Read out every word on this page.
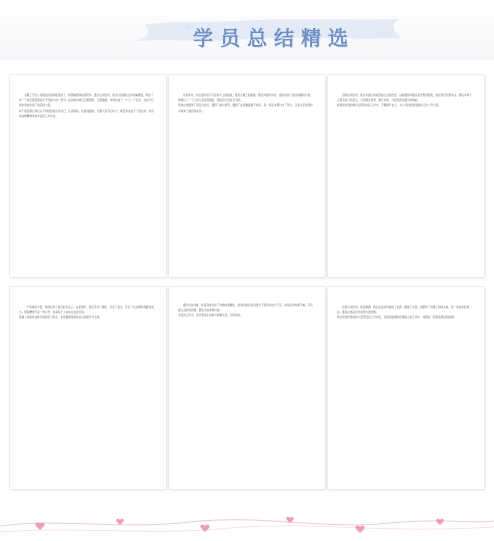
学员总结精选
为期三天的公司团队拓展训练结束了，我感触很深收获很多。通过这次培训，我认识到团队合作的重要性，明白了每一个成员都是团队中不可缺少的一部分。在训练中我们互相帮助，互相鼓励，共同完成了一个又一个任务，在这个过程中我体会到了信任的力量。
每个项目都让我们从不同的角度认识自己，认识团队。在挑战面前，只要大家齐心协力，就没有完成不了的任务。我会把这种精神带到今后的工作中去。
在培训中，我们面对的不只是体力上的挑战，更是心理上的挑战。通过沟通与协作，团队找到了最佳的解决方案。我明白了一个人的力量是有限的，团队的力量是无穷的。
培训让我懂得了责任与担当，懂得了换位思考，懂得了在困难面前不放弃。每一位队友都付出了努力，正是大家的坚持才换来了最后的成功。
回顾这次培训，我认为最大的收获是心态的改变。以前遇到问题总是先想到困难，现在我会先想办法。团队中每个人都有自己的优点，只有相互欣赏、取长补短，才能发挥出最大的效能。
我将把学到的知识运用到实际工作中，不断提升自己，为公司的发展贡献自己的一份力量。
一个集体的力量，体现在每个成员的付出上。在拓展中，我们学会了倾听，学会了表达，学会了在关键时刻挺身而出。团队精神不是一句口号，而是每个人实实在在的行动。
感谢公司提供这样宝贵的学习机会，也感谢教练和队友们的陪伴与支持。
通过这次训练，我深刻体会到了沟通的重要性。很多时候任务失败并不是因为能力不足，而是因为沟通不畅。只有建立良好的沟通，团队才能高效运转。
今后的工作中，我会更加主动地与同事交流，共同进步。
总结这次培训，收获满满。我们在活动中挑战了自我，超越了自我，也增进了同事之间的友谊。每一次成功的背后，都是全体队员共同努力的结果。
我会把这份感动和力量带回到工作岗位，以更加饱满的热情投入到工作中，和团队一起创造更好的成绩。
